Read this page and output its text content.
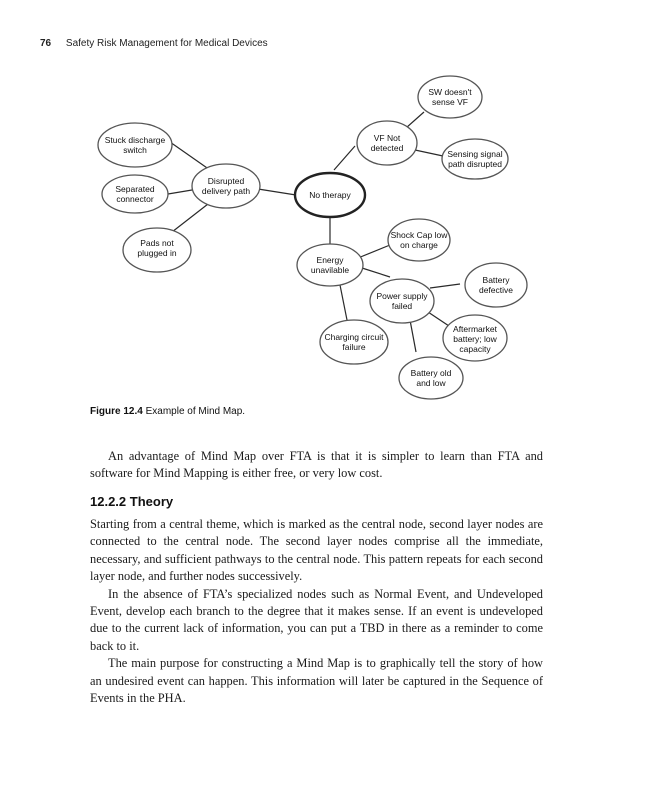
76 Safety Risk Management for Medical Devices
Stuck discharge
switch
Separated
connector
Pads not
plugged in
Disrupted
delivery path	No therapy
VF Not
detected
SW doesn't
sense VF
Sensing signal
path disrupted
Energy
unavilable
Shock Cap low
on charge
Power supply
failed
Battery
defective
Charging circuit
failure
Aftermarket
battery; low
capacity
Battery old
and low
Figure 12.4 Example of Mind Map.

An advantage of Mind Map over FTA is that it is simpler to learn than FTA and software for Mind Mapping is either free, or very low cost.

12.2.2 Theory

Starting from a central theme, which is marked as the central node, second layer nodes are connected to the central node. The second layer nodes comprise all the immediate, necessary, and sufficient pathways to the central node. This pattern repeats for each second layer node, and further nodes successively.

In the absence of FTA’s specialized nodes such as Normal Event, and Undeveloped Event, develop each branch to the degree that it makes sense. If an event is undeveloped due to the current lack of information, you can put a TBD in there as a reminder to come back to it.

The main purpose for constructing a Mind Map is to graphically tell the story of how an undesired event can happen. This information will later be captured in the Sequence of Events in the PHA.
